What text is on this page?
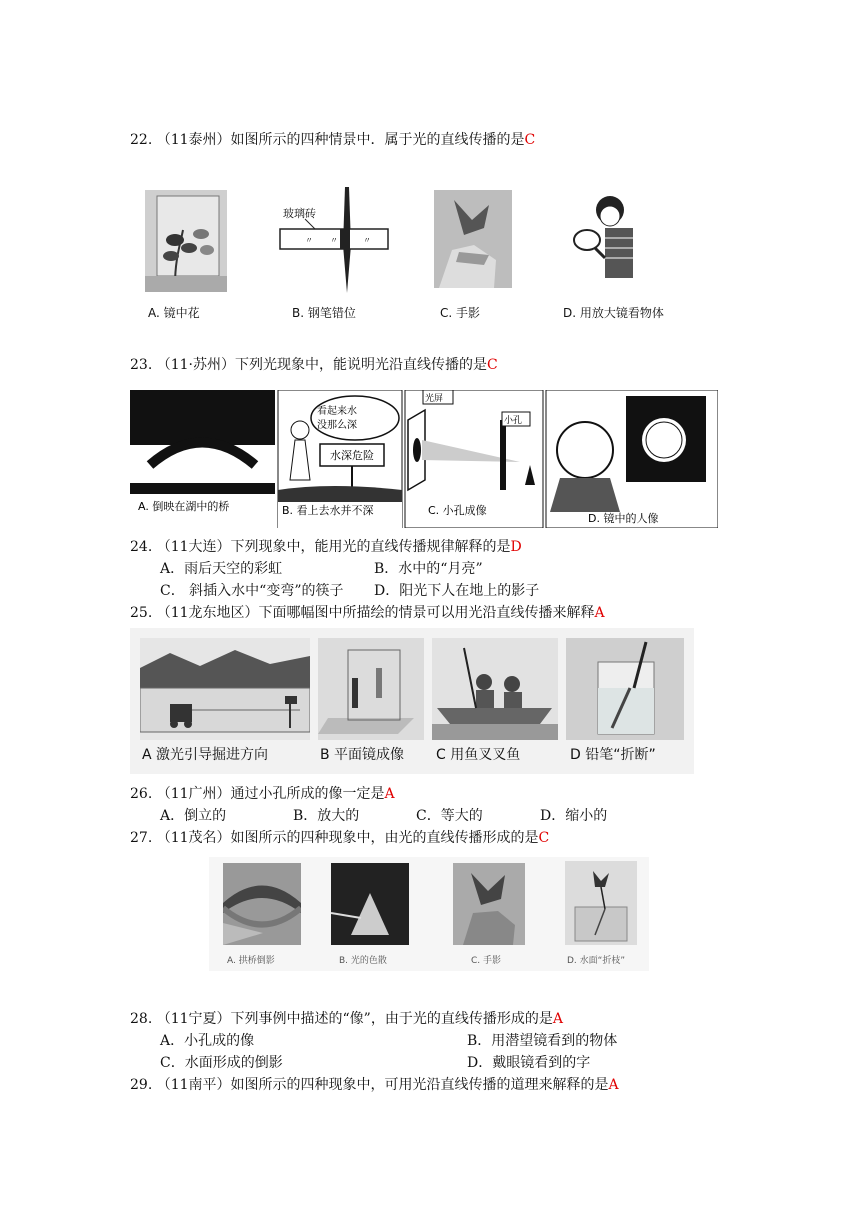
22. （11泰州）如图所示的四种情景中．属于光的直线传播的是C
A. 镜中花
〃 〃	〃
玻璃砖
B. 钢笔错位	C. 手影	D. 用放大镜看物体
23. （11·苏州）下列光现象中，能说明光沿直线传播的是C
A. 倒映在湖中的桥
看起来水
没那么深
水深危险
B. 看上去水并不深
光屏
小孔
C. 小孔成像
D. 镜中的人像
24. （11大连）下列现象中，能用光的直线传播规律解释的是D
A．雨后天空的彩虹	B．水中的“月亮”
C． 斜插入水中“变弯”的筷子 D．阳光下人在地上的影子
25. （11龙东地区）下面哪幅图中所描绘的情景可以用光沿直线传播来解释A
A 激光引导掘进方向	B 平面镜成像 C 用鱼叉叉鱼	D 铅笔“折断”
26. （11广州）通过小孔所成的像一定是A
A．倒立的	B．放大的	C．等大的	D．缩小的
27. （11茂名）如图所示的四种现象中，由光的直线传播形成的是C
A. 拱桥倒影	B. 光的色散	C. 手影	D. 水面“折枝”
28. （11宁夏）下列事例中描述的“像”，由于光的直线传播形成的是A
A．小孔成的像	B．用潜望镜看到的物体
C．水面形成的倒影	D．戴眼镜看到的字
29. （11南平）如图所示的四种现象中，可用光沿直线传播的道理来解释的是A
